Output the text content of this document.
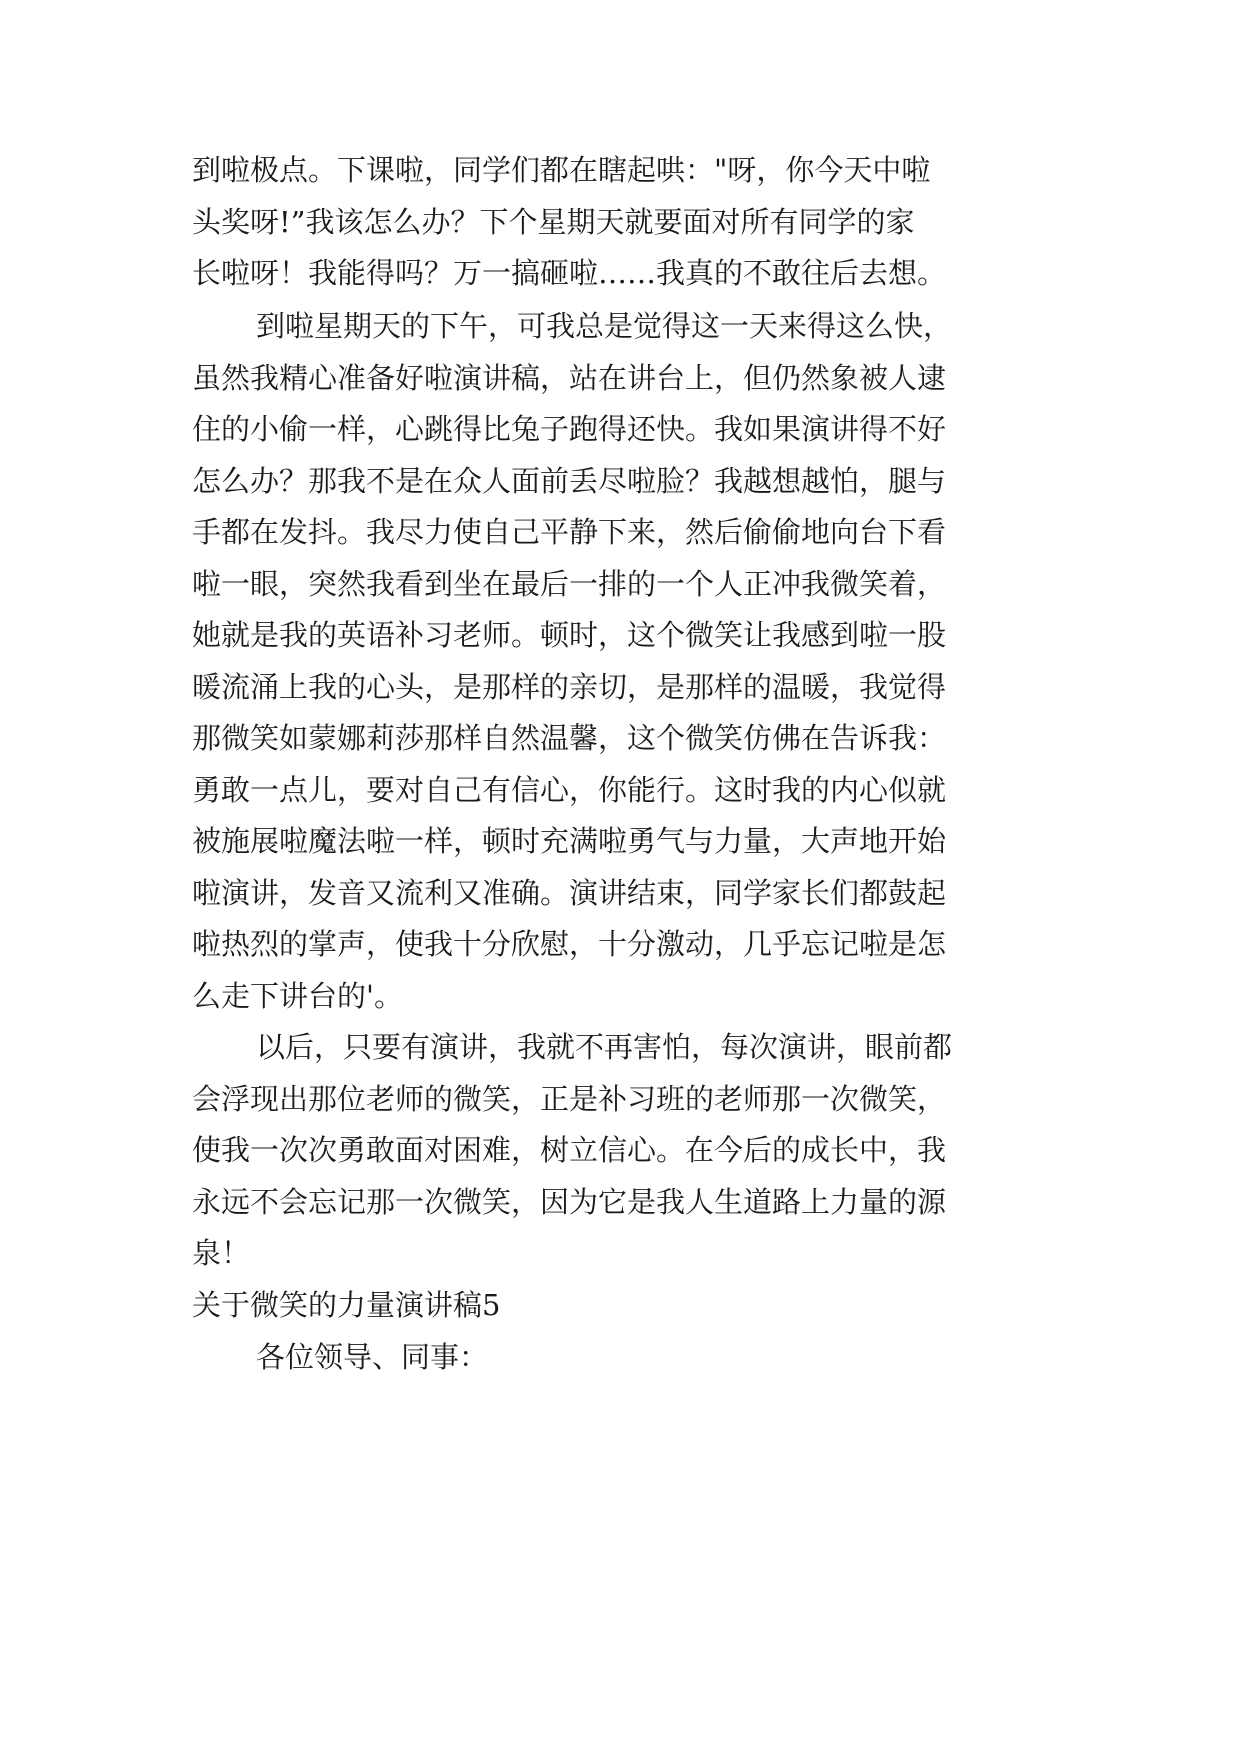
到啦极点。下课啦，同学们都在瞎起哄："呀，你今天中啦
头奖呀!”我该怎么办？下个星期天就要面对所有同学的家
长啦呀！我能得吗？万一搞砸啦……我真的不敢往后去想。
到啦星期天的下午，可我总是觉得这一天来得这么快，
虽然我精心准备好啦演讲稿，站在讲台上，但仍然象被人逮
住的小偷一样，心跳得比兔子跑得还快。我如果演讲得不好
怎么办？那我不是在众人面前丢尽啦脸？我越想越怕，腿与
手都在发抖。我尽力使自己平静下来，然后偷偷地向台下看
啦一眼，突然我看到坐在最后一排的一个人正冲我微笑着，
她就是我的英语补习老师。顿时，这个微笑让我感到啦一股
暖流涌上我的心头，是那样的亲切，是那样的温暖，我觉得
那微笑如蒙娜莉莎那样自然温馨，这个微笑仿佛在告诉我：
勇敢一点儿，要对自己有信心，你能行。这时我的内心似就
被施展啦魔法啦一样，顿时充满啦勇气与力量，大声地开始
啦演讲，发音又流利又准确。演讲结束，同学家长们都鼓起
啦热烈的掌声，使我十分欣慰，十分激动，几乎忘记啦是怎
么走下讲台的'。
以后，只要有演讲，我就不再害怕，每次演讲，眼前都
会浮现出那位老师的微笑，正是补习班的老师那一次微笑，
使我一次次勇敢面对困难，树立信心。在今后的成长中，我
永远不会忘记那一次微笑，因为它是我人生道路上力量的源
泉！
关于微笑的力量演讲稿5
各位领导、同事：
